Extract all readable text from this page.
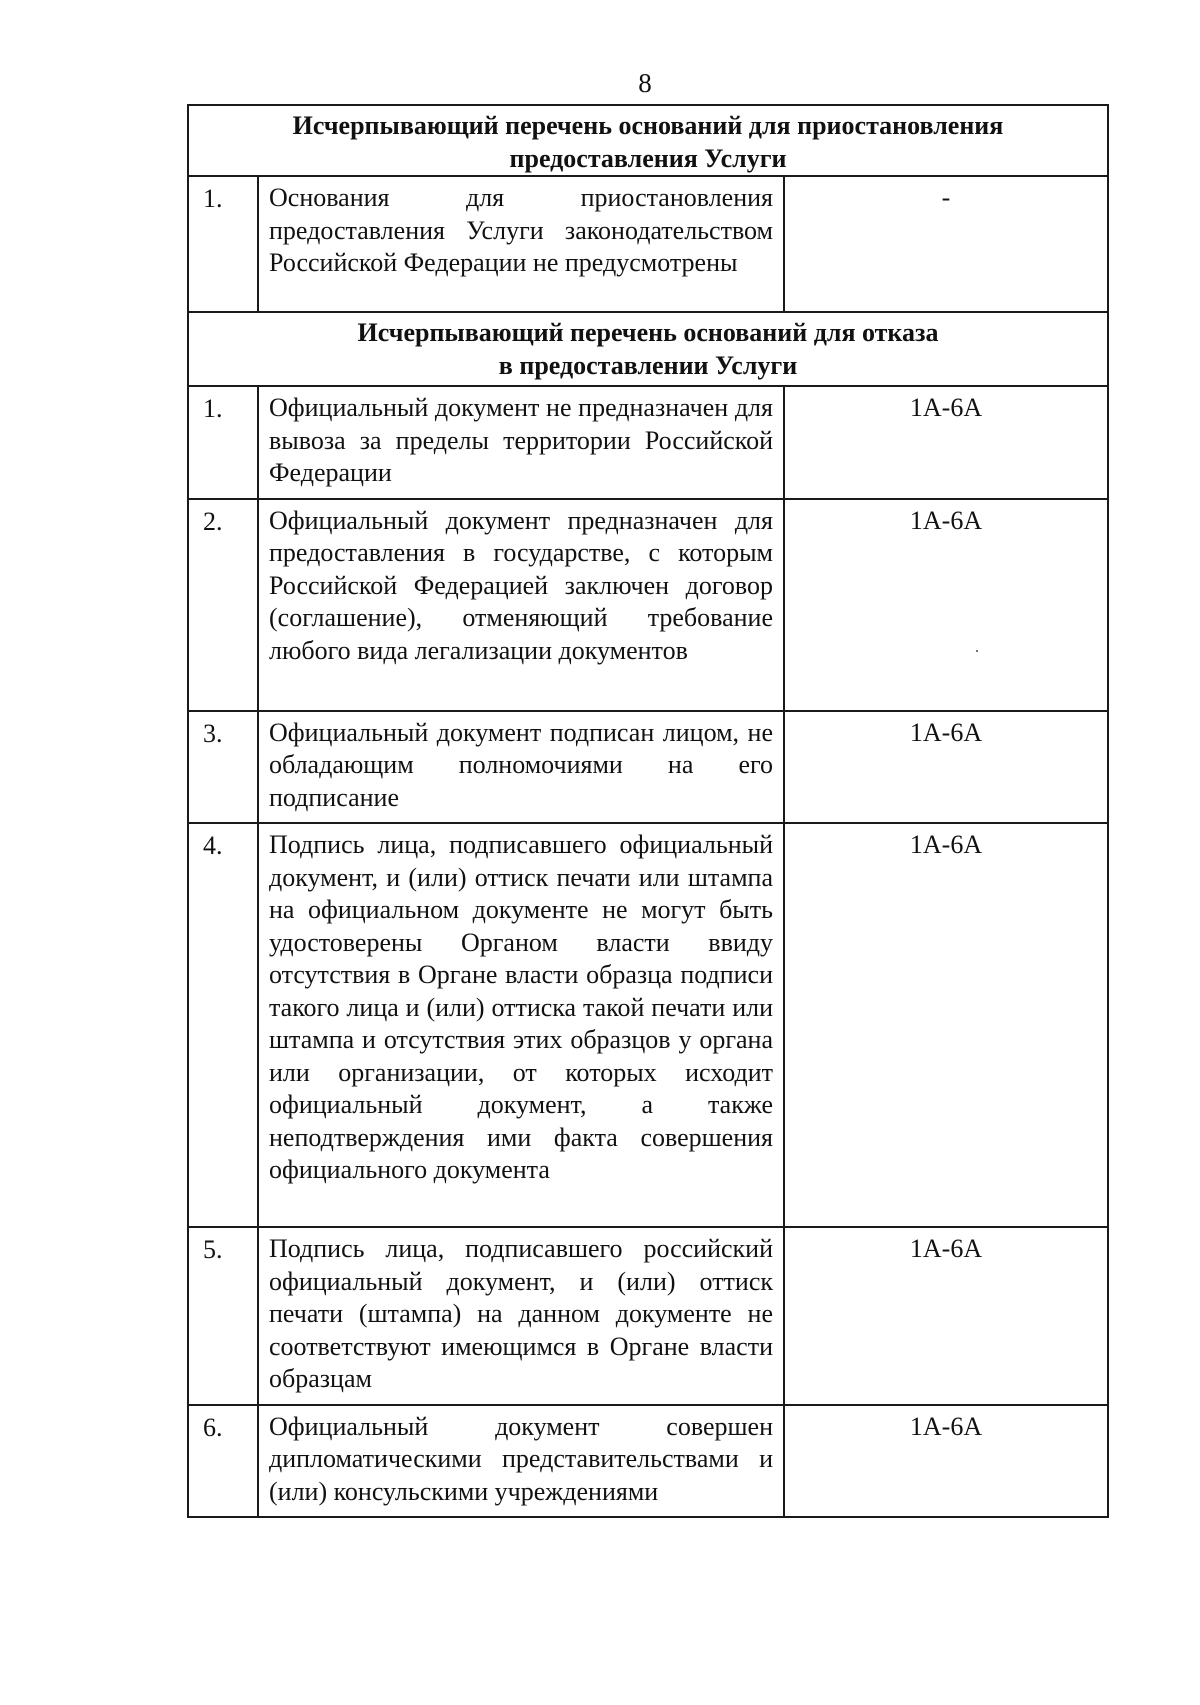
8
Исчерпывающий перечень оснований для приостановления
предоставления Услуги		

1.	Основания для приостановления предоставления Услуги законодательством Российской Федерации не предусмотрены	-

Исчерпывающий перечень оснований для отказа
в предоставлении Услуги		

1.	Официальный документ не предназначен для вывоза за пределы территории Российской Федерации	1А-6А
2.	Официальный документ предназначен для предоставления в государстве, с которым Российской Федерацией заключен договор (соглашение), отменяющий требование любого вида легализации документов	1А-6А
3.	Официальный документ подписан лицом, не обладающим полномочиями на его подписание	1А-6А
4.	Подпись лица, подписавшего официальный документ, и (или) оттиск печати или штампа на официальном документе не могут быть удостоверены Органом власти ввиду отсутствия в Органе власти образца подписи такого лица и (или) оттиска такой печати или штампа и отсутствия этих образцов у органа или организации, от которых исходит официальный документ, а также неподтверждения ими факта совершения официального документа	1А-6А
5.	Подпись лица, подписавшего российский официальный документ, и (или) оттиск печати (штампа) на данном документе не соответствуют имеющимся в Органе власти образцам	1А-6А
6.	Официальный документ совершен дипломатическими представительствами и (или) консульскими учреждениями	1А-6А
